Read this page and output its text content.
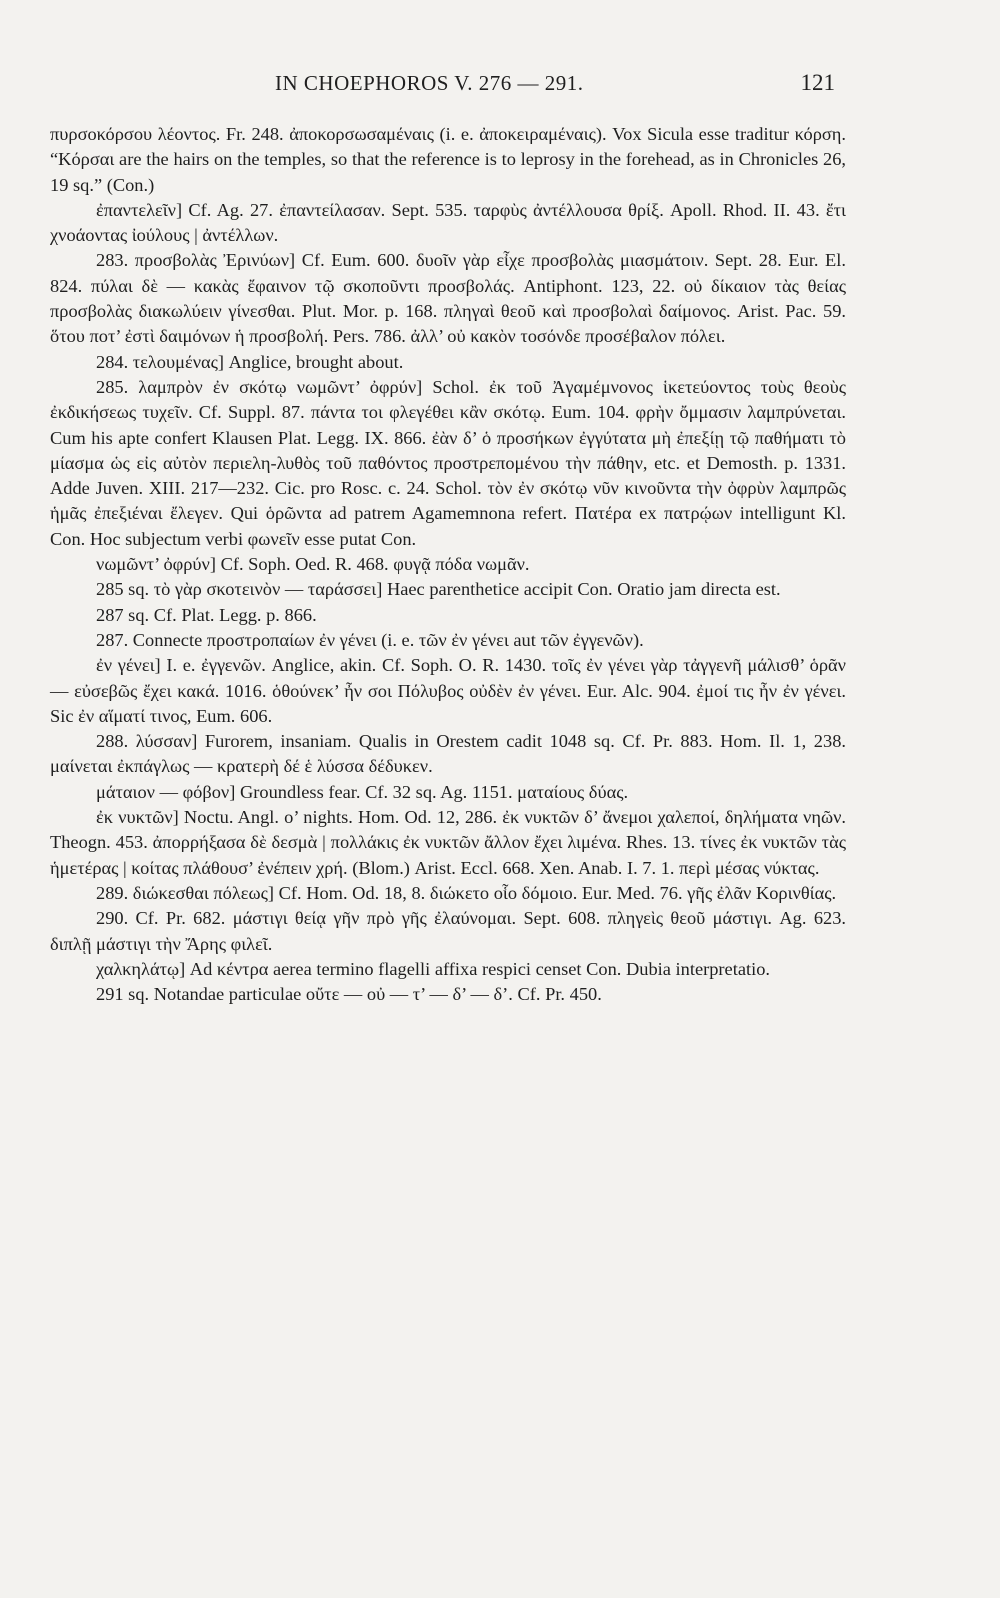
IN CHOEPHOROS V. 276 — 291.	121

πυρσοκόρσου λέοντος. Fr. 248. ἀποκορσωσαμέναις (i. e. ἀποκειραμέναις). Vox Sicula esse traditur κόρση. “Κόρσαι are the hairs on the temples, so that the reference is to leprosy in the forehead, as in Chronicles 26, 19 sq.” (Con.)

ἐπαντελεῖν] Cf. Ag. 27. ἐπαντείλασαν. Sept. 535. ταρφὺς ἀντέλλουσα θρίξ. Apoll. Rhod. II. 43. ἔτι χνοάοντας ἰούλους | ἀντέλλων.

283. προσβολὰς Ἐρινύων] Cf. Eum. 600. δυοῖν γὰρ εἶχε προσβολὰς μιασμάτοιν. Sept. 28. Eur. El. 824. πύλαι δὲ — κακὰς ἔφαινον τῷ σκοποῦντι προσβολάς. Antiphont. 123, 22. οὐ δίκαιον τὰς θείας προσβολὰς διακωλύειν γίνεσθαι. Plut. Mor. p. 168. πληγαὶ θεοῦ καὶ προσβολαὶ δαίμονος. Arist. Pac. 59. ὅτου ποτ’ ἐστὶ δαιμόνων ἡ προσβολή. Pers. 786. ἀλλ’ οὐ κακὸν τοσόνδε προσέβαλον πόλει.

284. τελουμένας] Anglice, brought about.

285. λαμπρὸν ἐν σκότῳ νωμῶντ’ ὀφρύν] Schol. ἐκ τοῦ Ἀγαμέμνονος ἱκετεύοντος τοὺς θεοὺς ἐκδικήσεως τυχεῖν. Cf. Suppl. 87. πάντα τοι φλεγέθει κἂν σκότῳ. Eum. 104. φρὴν ὄμμασιν λαμπρύνεται. Cum his apte confert Klausen Plat. Legg. IX. 866. ἐὰν δ’ ὁ προσήκων ἐγγύτατα μὴ ἐπεξίῃ τῷ παθήματι τὸ μίασμα ὡς εἰς αὐτὸν περιελη-λυθὸς τοῦ παθόντος προστρεπομένου τὴν πάθην, etc. et Demosth. p. 1331. Adde Juven. XIII. 217—232. Cic. pro Rosc. c. 24. Schol. τὸν ἐν σκότῳ νῦν κινοῦντα τὴν ὀφρὺν λαμπρῶς ἡμᾶς ἐπεξιέναι ἔλεγεν. Qui ὁρῶντα ad patrem Agamemnona refert. Πατέρα ex πατρῴων intelligunt Kl. Con. Hoc subjectum verbi φωνεῖν esse putat Con.

νωμῶντ’ ὀφρύν] Cf. Soph. Oed. R. 468. φυγᾷ πόδα νωμᾶν.

285 sq. τὸ γὰρ σκοτεινὸν — ταράσσει] Haec parenthetice accipit Con. Oratio jam directa est.

287 sq. Cf. Plat. Legg. p. 866.

287. Connecte προστροπαίων ἐν γένει (i. e. τῶν ἐν γένει aut τῶν ἐγγενῶν).

ἐν γένει] I. e. ἐγγενῶν. Anglice, akin. Cf. Soph. O. R. 1430. τοῖς ἐν γένει γὰρ τἀγγενῆ μάλισθ’ ὁρᾶν — εὐσεβῶς ἔχει κακά. 1016. ὁθούνεκ’ ἦν σοι Πόλυβος οὐδὲν ἐν γένει. Eur. Alc. 904. ἐμοί τις ἦν ἐν γένει. Sic ἐν αἵματί τινος, Eum. 606.

288. λύσσαν] Furorem, insaniam. Qualis in Orestem cadit 1048 sq. Cf. Pr. 883. Hom. Il. 1, 238. μαίνεται ἐκπάγλως — κρατερὴ δέ ἑ λύσσα δέδυκεν.

μάταιον — φόβον] Groundless fear. Cf. 32 sq. Ag. 1151. ματαίους δύας.

ἐκ νυκτῶν] Noctu. Angl. o’ nights. Hom. Od. 12, 286. ἐκ νυκτῶν δ’ ἄνεμοι χαλεποί, δηλήματα νηῶν. Theogn. 453. ἀπορρήξασα δὲ δεσμὰ | πολλάκις ἐκ νυκτῶν ἄλλον ἔχει λιμένα. Rhes. 13. τίνες ἐκ νυκτῶν τὰς ἡμετέρας | κοίτας πλάθουσ’ ἐνέπειν χρή. (Blom.) Arist. Eccl. 668. Xen. Anab. I. 7. 1. περὶ μέσας νύκτας.

289. διώκεσθαι πόλεως] Cf. Hom. Od. 18, 8. διώκετο οἷο δόμοιο. Eur. Med. 76. γῆς ἐλᾶν Κορινθίας.

290. Cf. Pr. 682. μάστιγι θείᾳ γῆν πρὸ γῆς ἐλαύνομαι. Sept. 608. πληγεὶς θεοῦ μάστιγι. Ag. 623. διπλῇ μάστιγι τὴν Ἄρης φιλεῖ.

χαλκηλάτῳ] Ad κέντρα aerea termino flagelli affixa respici censet Con. Dubia interpretatio.

291 sq. Notandae particulae οὔτε — οὐ — τ’ — δ’ — δ’. Cf. Pr. 450.
